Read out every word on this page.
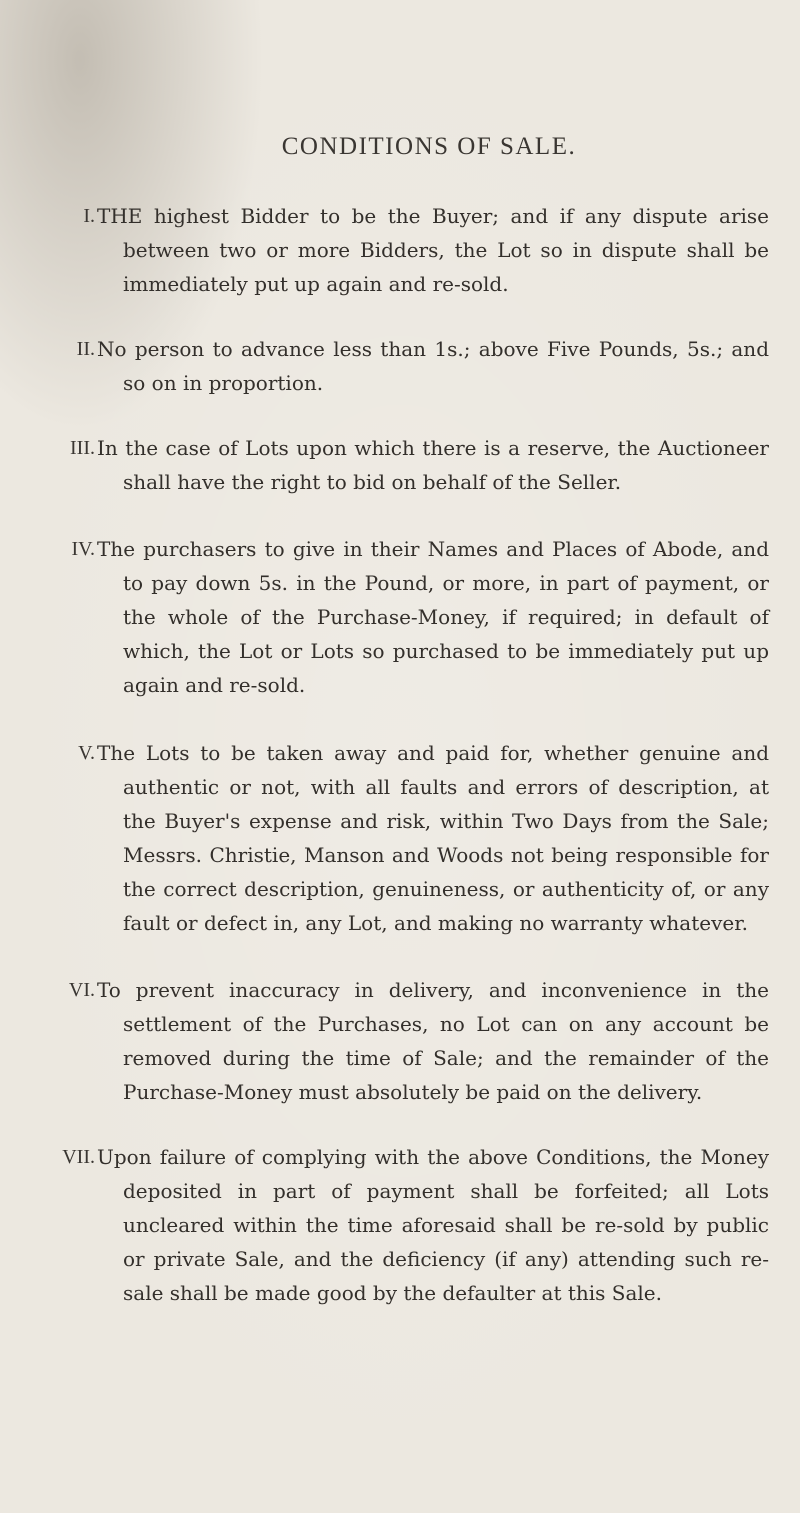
CONDITIONS OF SALE.
I. THE highest Bidder to be the Buyer; and if any dispute arise between two or more Bidders, the Lot so in dispute shall be immediately put up again and re-sold.
II. No person to advance less than 1s.; above Five Pounds, 5s.; and so on in proportion.
III. In the case of Lots upon which there is a reserve, the Auctioneer shall have the right to bid on behalf of the Seller.
IV. The purchasers to give in their Names and Places of Abode, and to pay down 5s. in the Pound, or more, in part of payment, or the whole of the Purchase-Money, if required; in default of which, the Lot or Lots so purchased to be immediately put up again and re-sold.
V. The Lots to be taken away and paid for, whether genuine and authentic or not, with all faults and errors of description, at the Buyer's expense and risk, within Two Days from the Sale; Messrs. Christie, Manson and Woods not being responsible for the correct description, genuineness, or authenticity of, or any fault or defect in, any Lot, and making no warranty whatever.
VI. To prevent inaccuracy in delivery, and inconvenience in the settlement of the Purchases, no Lot can on any account be removed during the time of Sale; and the remainder of the Purchase-Money must absolutely be paid on the delivery.
VII. Upon failure of complying with the above Conditions, the Money deposited in part of payment shall be forfeited; all Lots uncleared within the time aforesaid shall be re-sold by public or private Sale, and the deficiency (if any) attending such re-sale shall be made good by the defaulter at this Sale.
